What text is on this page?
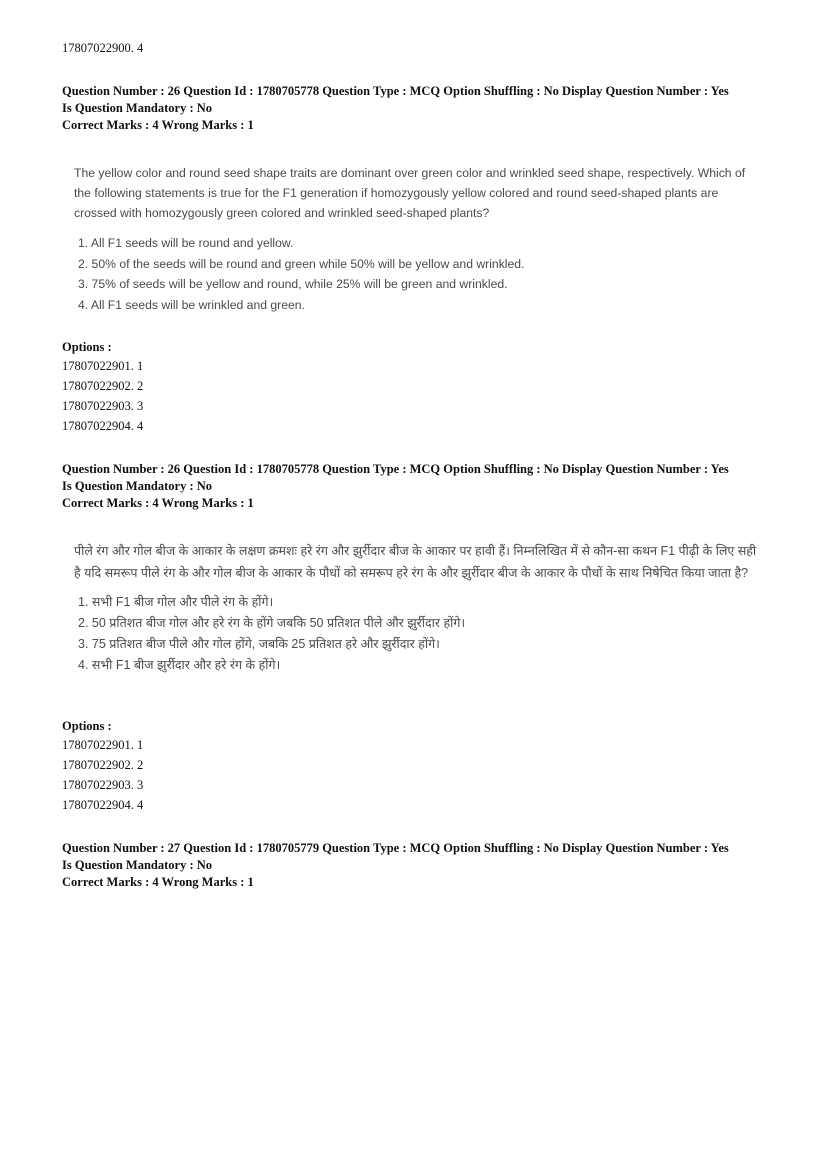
17807022900. 4
Question Number : 26 Question Id : 1780705778 Question Type : MCQ Option Shuffling : No Display Question Number : Yes
Is Question Mandatory : No
Correct Marks : 4 Wrong Marks : 1
The yellow color and round seed shape traits are dominant over green color and wrinkled seed shape, respectively. Which of the following statements is true for the F1 generation if homozygously yellow colored and round seed-shaped plants are crossed with homozygously green colored and wrinkled seed-shaped plants?
1. All F1 seeds will be round and yellow.
2. 50% of the seeds will be round and green while 50% will be yellow and wrinkled.
3. 75% of seeds will be yellow and round, while 25% will be green and wrinkled.
4. All F1 seeds will be wrinkled and green.
Options :
17807022901. 1
17807022902. 2
17807022903. 3
17807022904. 4
Question Number : 26 Question Id : 1780705778 Question Type : MCQ Option Shuffling : No Display Question Number : Yes
Is Question Mandatory : No
Correct Marks : 4 Wrong Marks : 1
पीले रंग और गोल बीज के आकार के लक्षण क्रमशः हरे रंग और झुर्रीदार बीज के आकार पर हावी हैं। निम्नलिखित में से कौन-सा कथन F1 पीढ़ी के लिए सही है यदि समरूप पीले रंग के और गोल बीज के आकार के पौधों को समरूप हरे रंग के और झुर्रीदार बीज के आकार के पौधों के साथ निषेचित किया जाता है?
1. सभी F1 बीज गोल और पीले रंग के होंगे।
2. 50 प्रतिशत बीज गोल और हरे रंग के होंगे जबकि 50 प्रतिशत पीले और झुर्रीदार होंगे।
3. 75 प्रतिशत बीज पीले और गोल होंगे, जबकि 25 प्रतिशत हरे और झुर्रीदार होंगे।
4. सभी F1 बीज झुर्रीदार और हरे रंग के होंगे।
Options :
17807022901. 1
17807022902. 2
17807022903. 3
17807022904. 4
Question Number : 27 Question Id : 1780705779 Question Type : MCQ Option Shuffling : No Display Question Number : Yes
Is Question Mandatory : No
Correct Marks : 4 Wrong Marks : 1
